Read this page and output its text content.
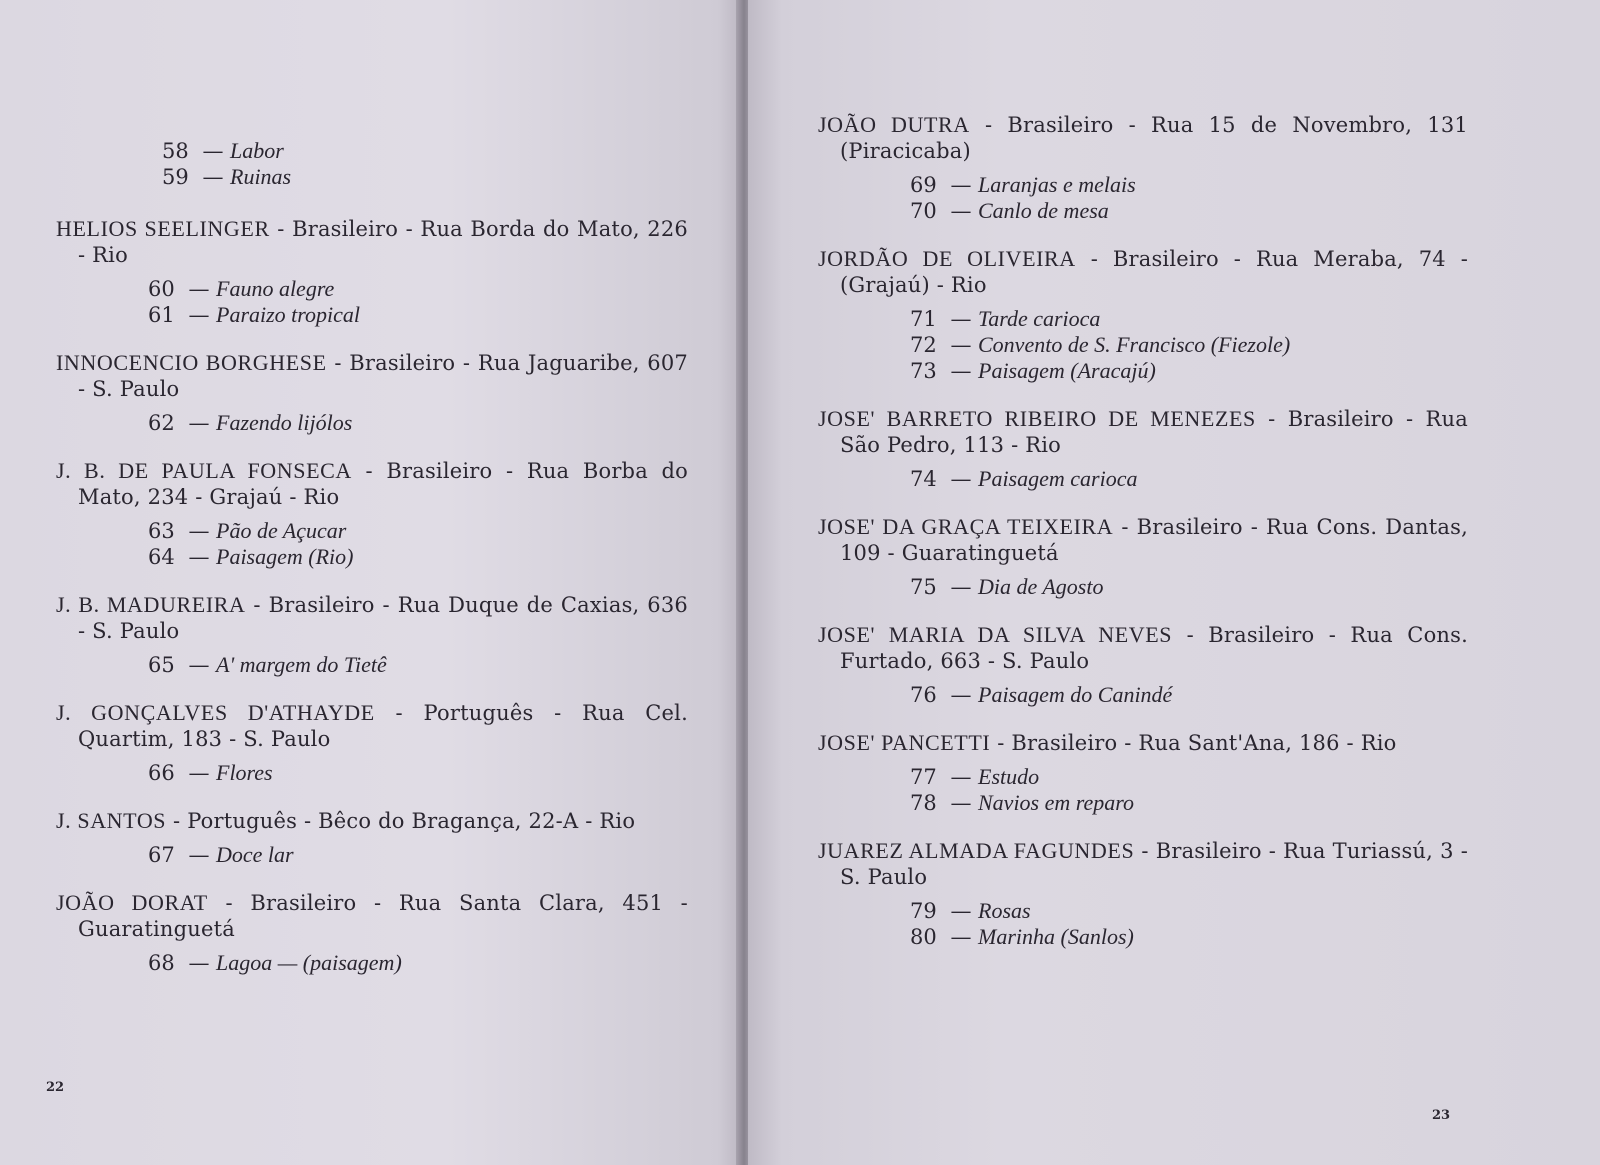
58 — Labor
59 — Ruinas
HELIOS SEELINGER - Brasileiro - Rua Borda do Mato, 226 - Rio
60 — Fauno alegre
61 — Paraizo tropical
INNOCENCIO BORGHESE - Brasileiro - Rua Jaguaribe, 607 - S. Paulo
62 — Fazendo lijólos
J. B. DE PAULA FONSECA - Brasileiro - Rua Borba do Mato, 234 - Grajaú - Rio
63 — Pão de Açucar
64 — Paisagem (Rio)
J. B. MADUREIRA - Brasileiro - Rua Duque de Caxias, 636 - S. Paulo
65 — A' margem do Tietê
J. GONÇALVES D'ATHAYDE - Português - Rua Cel. Quartim, 183 - S. Paulo
66 — Flores
J. SANTOS - Português - Bêco do Bragança, 22-A - Rio
67 — Doce lar
JOÃO DORAT - Brasileiro - Rua Santa Clara, 451 - Guaratinguetá
68 — Lagoa — (paisagem)
22
JOÃO DUTRA - Brasileiro - Rua 15 de Novembro, 131 (Piracicaba)
69 — Laranjas e melais
70 — Canlo de mesa
JORDÃO DE OLIVEIRA - Brasileiro - Rua Meraba, 74 - (Grajaú) - Rio
71 — Tarde carioca
72 — Convento de S. Francisco (Fiezole)
73 — Paisagem (Aracajú)
JOSE' BARRETO RIBEIRO DE MENEZES - Brasileiro - Rua São Pedro, 113 - Rio
74 — Paisagem carioca
JOSE' DA GRAÇA TEIXEIRA - Brasileiro - Rua Cons. Dantas, 109 - Guaratinguetá
75 — Dia de Agosto
JOSE' MARIA DA SILVA NEVES - Brasileiro - Rua Cons. Furtado, 663 - S. Paulo
76 — Paisagem do Canindé
JOSE' PANCETTI - Brasileiro - Rua Sant'Ana, 186 - Rio
77 — Estudo
78 — Navios em reparo
JUAREZ ALMADA FAGUNDES - Brasileiro - Rua Turiassú, 3 - S. Paulo
79 — Rosas
80 — Marinha (Sanlos)
23
